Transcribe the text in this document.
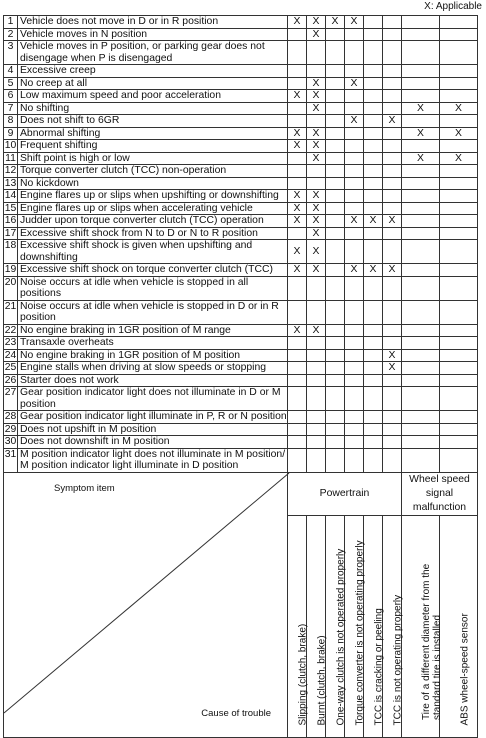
X: Applicable
1	Vehicle does not move in D or in R position	X	X	X	X				
2	Vehicle moves in N position		X						
3	Vehicle moves in P position, or parking gear does not disengage when P is disengaged								
4	Excessive creep								
5	No creep at all		X		X				
6	Low maximum speed and poor acceleration	X	X						
7	No shifting		X					X	X
8	Does not shift to 6GR				X		X		
9	Abnormal shifting	X	X					X	X
10	Frequent shifting	X	X						
11	Shift point is high or low		X					X	X
12	Torque converter clutch (TCC) non-operation								
13	No kickdown								
14	Engine flares up or slips when upshifting or downshifting	X	X						
15	Engine flares up or slips when accelerating vehicle	X	X						
16	Judder upon torque converter clutch (TCC) operation	X	X		X	X	X		
17	Excessive shift shock from N to D or N to R position		X						
18	Excessive shift shock is given when upshifting and downshifting	X	X						
19	Excessive shift shock on torque converter clutch (TCC)	X	X		X	X	X		
20	Noise occurs at idle when vehicle is stopped in all positions								
21	Noise occurs at idle when vehicle is stopped in D or in R position								
22	No engine braking in 1GR position of M range	X	X						
23	Transaxle overheats								
24	No engine braking in 1GR position of M position						X		
25	Engine stalls when driving at slow speeds or stopping						X		
26	Starter does not work								
27	Gear position indicator light does not illuminate in D or M position								
28	Gear position indicator light illuminate in P, R or N position								
29	Does not upshift in M position								
30	Does not downshift in M position								
31	M position indicator light does not illuminate in M position/ M position indicator light illuminate in D position								

Symptom item
Cause of trouble		Powertrain						Wheel speed signal malfunction	

		Slipping (clutch, brake)	Burnt (clutch, brake)	One-way clutch is not operated properly	Torque converter is not operating properly	TCC is cracking or peeling	TCC is not operating properly	Tire of a different diameter from the
standard tire is installed	ABS wheel-speed sensor
